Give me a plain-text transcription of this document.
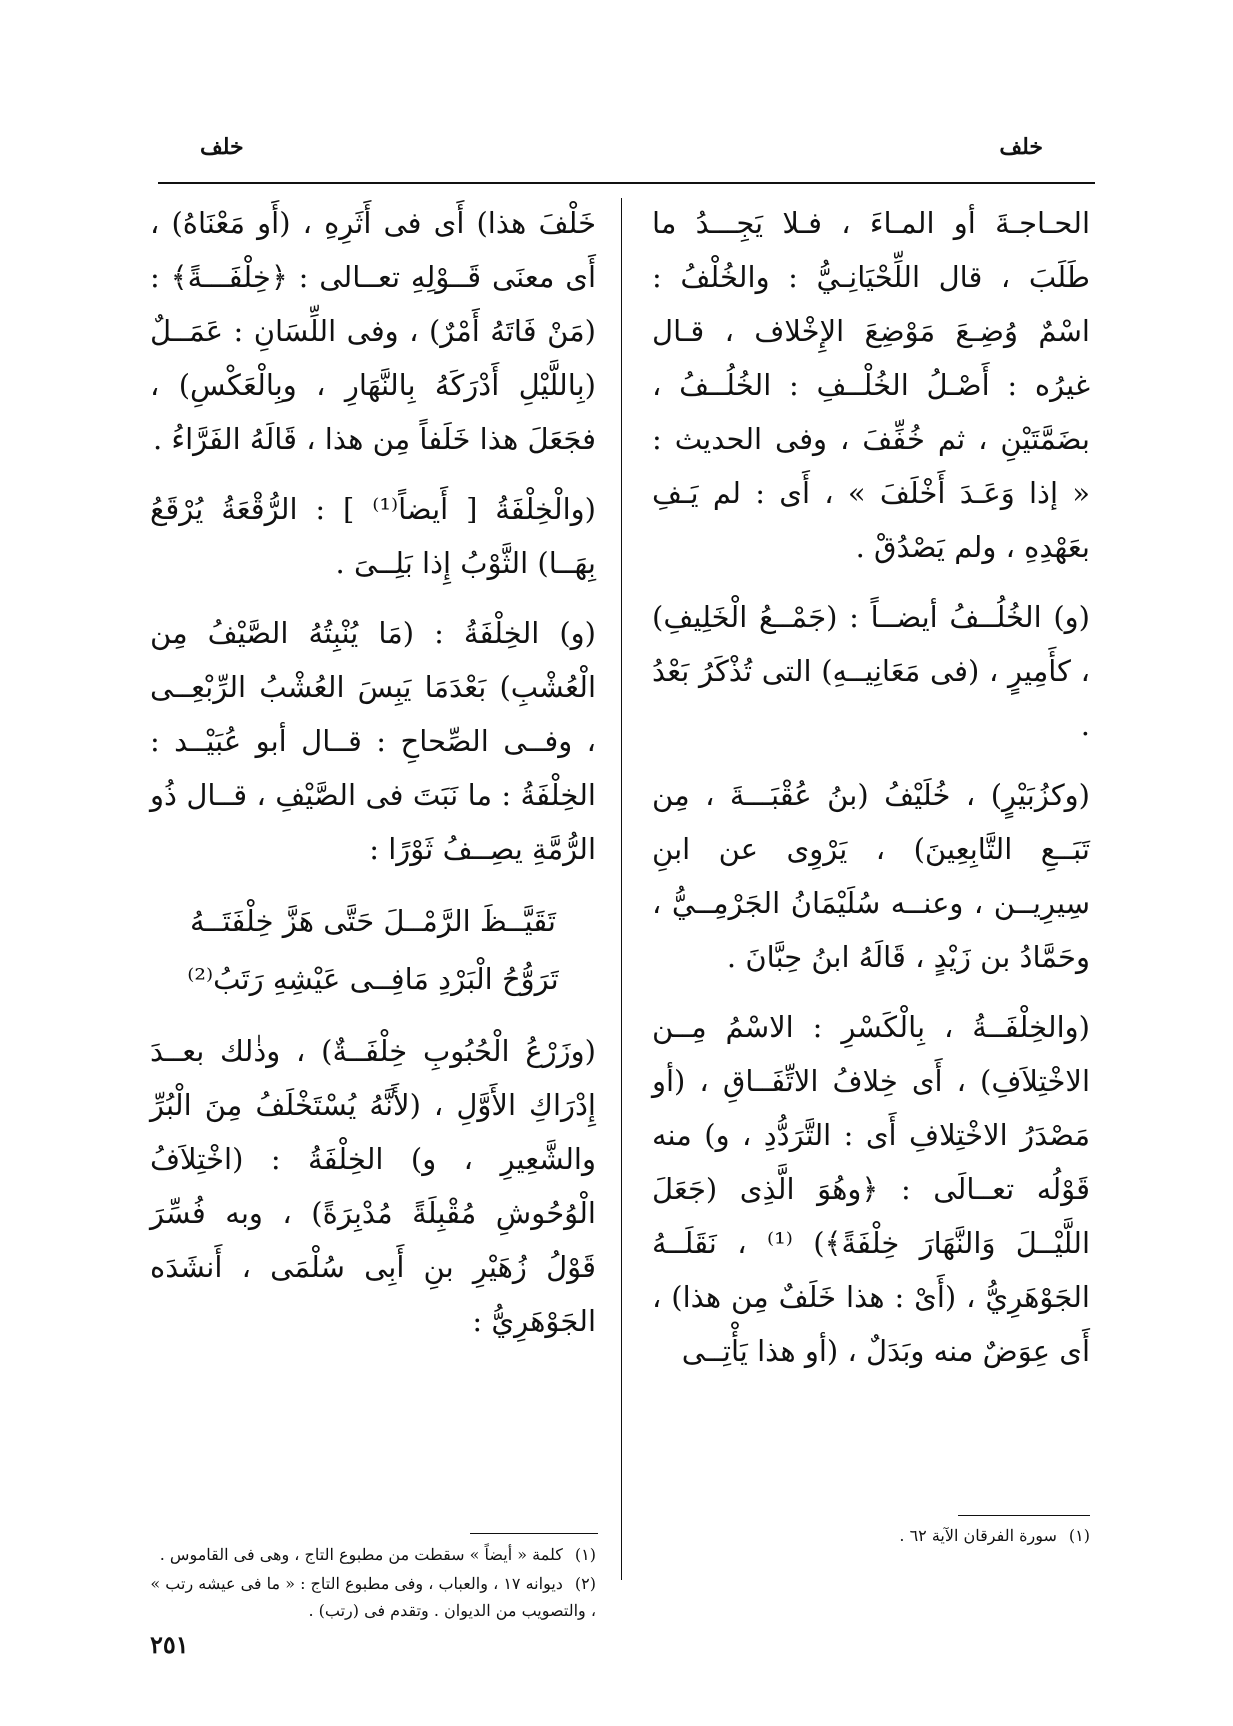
خلف
خلف

الحـاجـةَ أو المـاءَ ، فـلا يَجِـــدُ ما طَلَبَ ، قال اللِّحْيَانِـيُّ : والخُلْفُ : اسْمٌ وُضِـعَ مَوْضِعَ الإِخْلاف ، قـال غيرُه : أَصْـلُ الخُلْــفِ : الخُلُــفُ ، بضَمَّتَيْنِ ، ثم خُفِّفَ ، وفى الحديث : « إذا وَعَـدَ أَخْلَفَ » ، أَى : لم يَـفِ بعَهْدِهِ ، ولم يَصْدُقْ .

(و) الخُلُــفُ أيضــاً : (جَمْــعُ الْخَلِيفِ) ، كأَمِيرٍ ، (فى مَعَانِيــهِ) التى تُذْكَرُ بَعْدُ .

(وكزُبَيْرٍ) ، خُلَيْفُ (بنُ عُقْبَـــةَ ، مِن تَبَــعِ التَّابِعِينَ) ، يَرْوِى عن ابنِ سِيرِيــن ، وعنــه سُلَيْمَانُ الجَرْمِــيُّ ، وحَمَّادُ بن زَيْدٍ ، قَالَهُ ابنُ حِبَّانَ .

(والخِلْفَــةُ ، بِالْكَسْرِ : الاسْمُ مِــن الاخْتِلاَفِ) ، أَى خِلافُ الاتِّفَــاقِ ، (أو مَصْدَرُ الاخْتِلافِ أَى : التَّرَدُّدِ ، و) منه قَوْلُه تعــالَى : ﴿وهُوَ الَّذِى (جَعَلَ اللَّيْــلَ وَالنَّهَارَ خِلْفَةً﴾) ⁽¹⁾ ، نَقَلَــهُ الجَوْهَرِيُّ ، (أَىْ : هذا خَلَفٌ مِن هذا) ، أَى عِوَضٌ منه وبَدَلٌ ، (أو هذا يَأْتِــى

خَلْفَ هذا) أَى فى أَثَرِهِ ، (أَو مَعْنَاهُ) ، أَى معنَى قَــوْلِهِ تعــالى : ﴿خِلْفَـــةً﴾ : (مَنْ فَاتَهُ أَمْرٌ) ، وفى اللِّسَانِ : عَمَــلٌ (بِاللَّيْلِ أَدْرَكَهُ بِالنَّهَارِ ، وبِالْعَكْسِ) ، فجَعَلَ هذا خَلَفاً مِن هذا ، قَالَهُ الفَرَّاءُ .

(والْخِلْفَةُ [ أَيضاً⁽¹⁾ ] : الرُّقْعَةُ يُرْقَعُ بِهَــا) الثَّوْبُ إِذا بَلِــىَ .

(و) الخِلْفَةُ : (مَا يُنْبِتُهُ الصَّيْفُ مِن الْعُشْبِ) بَعْدَمَا يَبِسَ العُشْبُ الرِّبْعِــى ، وفــى الصِّحاحِ : قــال أبو عُبَيْــد : الخِلْفَةُ : ما نَبَتَ فى الصَّيْفِ ، قــال ذُو الرُّمَّةِ يصِــفُ ثَوْرًا :

تَقَيَّــظَ الرَّمْــلَ حَتَّى هَزَّ خِلْفَتَــهُ
تَرَوُّحُ الْبَرْدِ مَافِــى عَيْشِهِ رَتَبُ⁽²⁾

(وزَرْعُ الْحُبُوبِ خِلْفَــةٌ) ، وذٰلك بعــدَ إِدْرَاكِ الأَوَّلِ ، (لأَنَّهُ يُسْتَخْلَفُ مِنَ الْبُرِّ والشَّعِيرِ ، و) الخِلْفَةُ : (اخْتِلاَفُ الْوُحُوشِ مُقْبِلَةً مُدْبِرَةً) ، وبه فُسِّرَ قَوْلُ زُهَيْرِ بنِ أَبِى سُلْمَى ، أَنشَدَه الجَوْهَرِيُّ :

(١)سورة الفرقان الآية ٦٢ .
(١)كلمة « أيضاً » سقطت من مطبوع التاج ، وهى فى القاموس .
(٢)ديوانه ١٧ ، والعباب ، وفى مطبوع التاج : « ما فى عيشه رتب » ، والتصويب من الديوان . وتقدم فى (رتب) .
٢٥١
